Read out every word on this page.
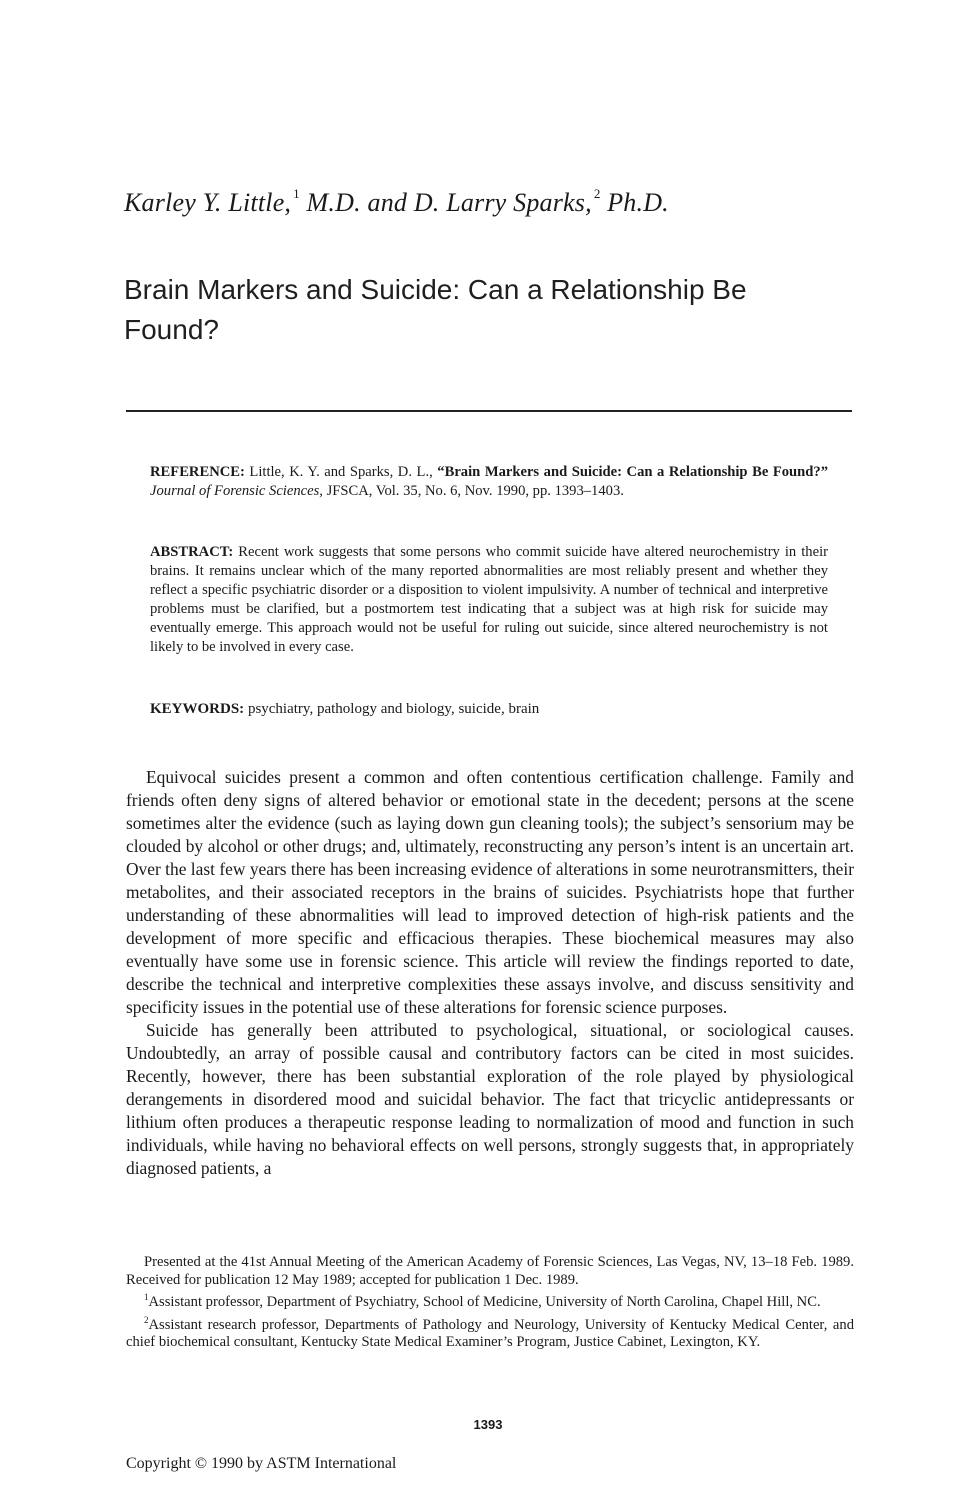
Karley Y. Little, $^1$ M.D. and D. Larry Sparks, $^2$ Ph.D.
Brain Markers and Suicide: Can a Relationship Be Found?
REFERENCE: Little, K. Y. and Sparks, D. L., “Brain Markers and Suicide: Can a Relationship Be Found?” Journal of Forensic Sciences, JFSCA, Vol. 35, No. 6, Nov. 1990, pp. 1393–1403.
ABSTRACT: Recent work suggests that some persons who commit suicide have altered neurochemistry in their brains. It remains unclear which of the many reported abnormalities are most reliably present and whether they reflect a specific psychiatric disorder or a disposition to violent impulsivity. A number of technical and interpretive problems must be clarified, but a postmortem test indicating that a subject was at high risk for suicide may eventually emerge. This approach would not be useful for ruling out suicide, since altered neurochemistry is not likely to be involved in every case.
KEYWORDS: psychiatry, pathology and biology, suicide, brain

Equivocal suicides present a common and often contentious certification challenge. Family and friends often deny signs of altered behavior or emotional state in the decedent; persons at the scene sometimes alter the evidence (such as laying down gun cleaning tools); the subject’s sensorium may be clouded by alcohol or other drugs; and, ultimately, reconstructing any person’s intent is an uncertain art. Over the last few years there has been increasing evidence of alterations in some neurotransmitters, their metabolites, and their associated receptors in the brains of suicides. Psychiatrists hope that further understanding of these abnormalities will lead to improved detection of high-risk patients and the development of more specific and efficacious therapies. These biochemical measures may also eventually have some use in forensic science. This article will review the findings reported to date, describe the technical and interpretive complexities these assays involve, and discuss sensitivity and specificity issues in the potential use of these alterations for forensic science purposes.

Suicide has generally been attributed to psychological, situational, or sociological causes. Undoubtedly, an array of possible causal and contributory factors can be cited in most suicides. Recently, however, there has been substantial exploration of the role played by physiological derangements in disordered mood and suicidal behavior. The fact that tricyclic antidepressants or lithium often produces a therapeutic response leading to normalization of mood and function in such individuals, while having no behavioral effects on well persons, strongly suggests that, in appropriately diagnosed patients, a

Presented at the 41st Annual Meeting of the American Academy of Forensic Sciences, Las Vegas, NV, 13–18 Feb. 1989. Received for publication 12 May 1989; accepted for publication 1 Dec. 1989.

$^1$Assistant professor, Department of Psychiatry, School of Medicine, University of North Carolina, Chapel Hill, NC.

$^2$Assistant research professor, Departments of Pathology and Neurology, University of Kentucky Medical Center, and chief biochemical consultant, Kentucky State Medical Examiner’s Program, Justice Cabinet, Lexington, KY.

1393
Copyright © 1990 by ASTM International
